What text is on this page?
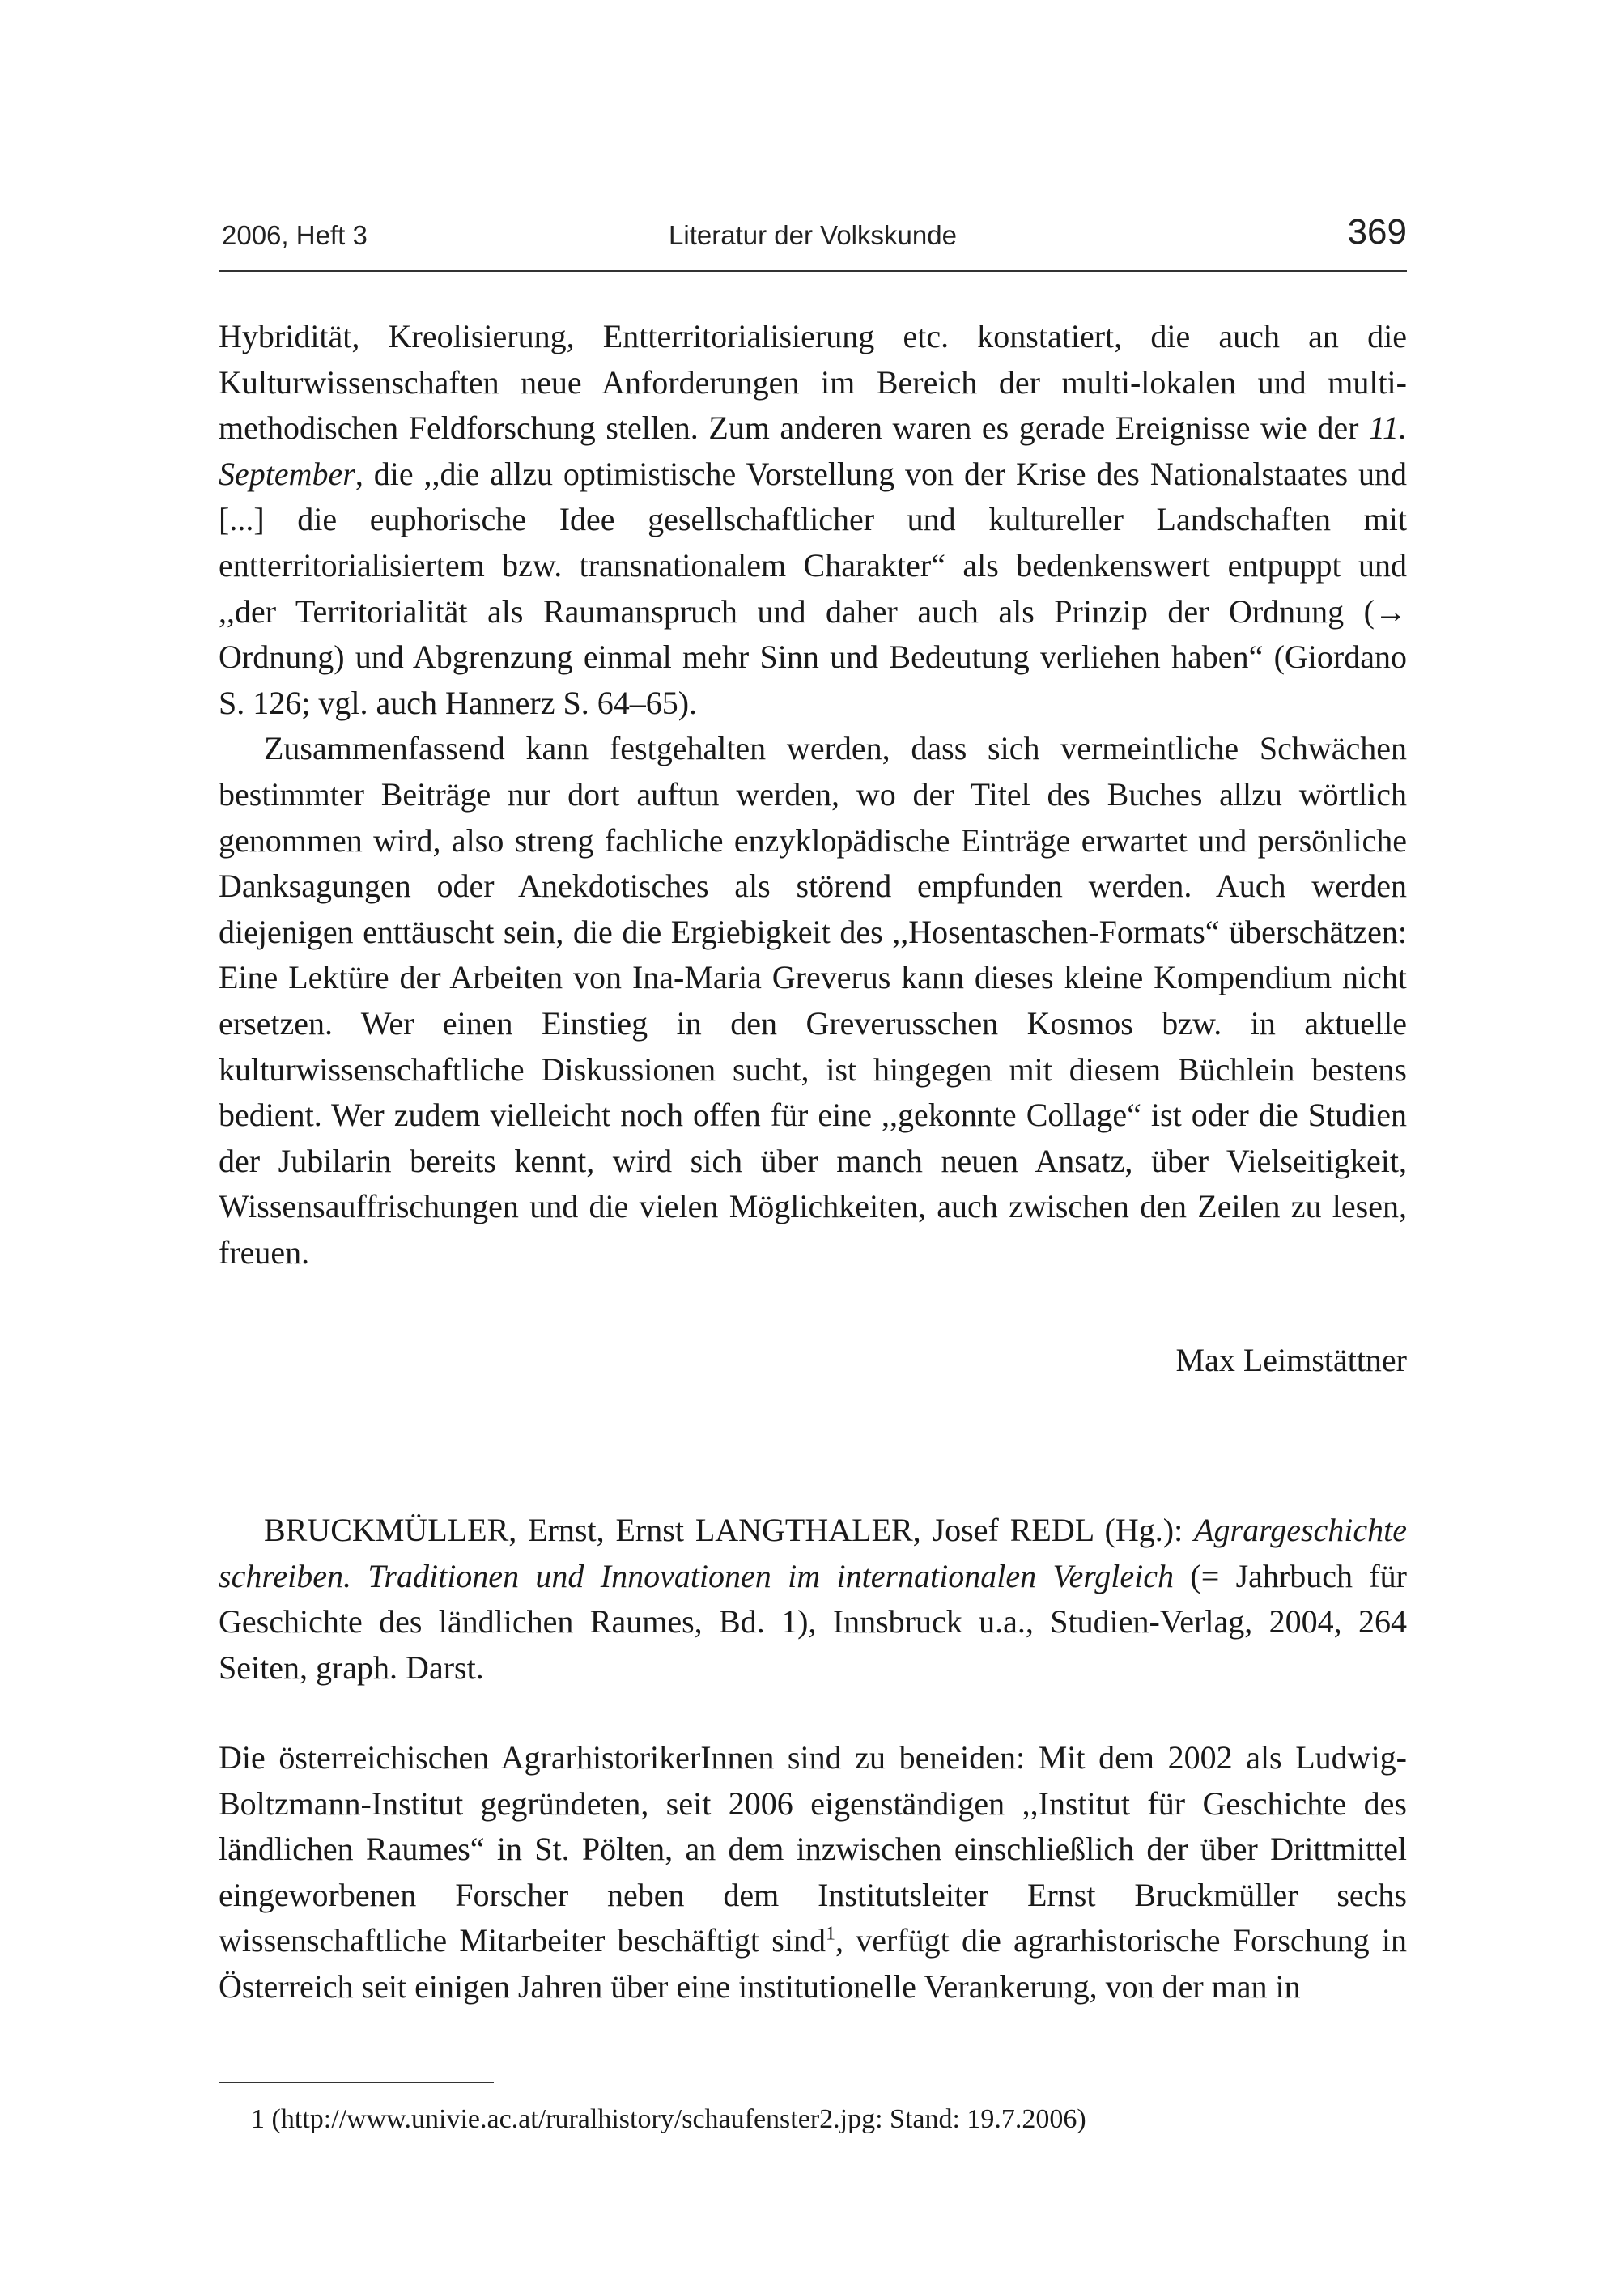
2006, Heft 3	Literatur der Volkskunde	369

Hybridität, Kreolisierung, Entterritorialisierung etc. konstatiert, die auch an die Kulturwissenschaften neue Anforderungen im Bereich der multi-lokalen und multi-methodischen Feldforschung stellen. Zum anderen waren es gerade Ereignisse wie der 11. September, die ,,die allzu optimistische Vorstellung von der Krise des Nationalstaates und [...] die euphorische Idee gesellschaftlicher und kultureller Landschaften mit entterritorialisiertem bzw. transnationalem Charakter“ als bedenkenswert entpuppt und ,,der Territorialität als Raumanspruch und daher auch als Prinzip der Ordnung (→ Ordnung) und Abgrenzung einmal mehr Sinn und Bedeutung verliehen haben“ (Giordano S. 126; vgl. auch Hannerz S. 64–65).

Zusammenfassend kann festgehalten werden, dass sich vermeintliche Schwächen bestimmter Beiträge nur dort auftun werden, wo der Titel des Buches allzu wörtlich genommen wird, also streng fachliche enzyklopädische Einträge erwartet und persönliche Danksagungen oder Anekdotisches als störend empfunden werden. Auch werden diejenigen enttäuscht sein, die die Ergiebigkeit des ,,Hosentaschen-Formats“ überschätzen: Eine Lektüre der Arbeiten von Ina-Maria Greverus kann dieses kleine Kompendium nicht ersetzen. Wer einen Einstieg in den Greverusschen Kosmos bzw. in aktuelle kulturwissenschaftliche Diskussionen sucht, ist hingegen mit diesem Büchlein bestens bedient. Wer zudem vielleicht noch offen für eine ,,gekonnte Collage“ ist oder die Studien der Jubilarin bereits kennt, wird sich über manch neuen Ansatz, über Vielseitigkeit, Wissensauffrischungen und die vielen Möglichkeiten, auch zwischen den Zeilen zu lesen, freuen.

Max Leimstättner

BRUCKMÜLLER, Ernst, Ernst LANGTHALER, Josef REDL (Hg.): Agrargeschichte schreiben. Traditionen und Innovationen im internationalen Vergleich (= Jahrbuch für Geschichte des ländlichen Raumes, Bd. 1), Innsbruck u.a., Studien-Verlag, 2004, 264 Seiten, graph. Darst.

Die österreichischen AgrarhistorikerInnen sind zu beneiden: Mit dem 2002 als Ludwig-Boltzmann-Institut gegründeten, seit 2006 eigenständigen ,,Institut für Geschichte des ländlichen Raumes“ in St. Pölten, an dem inzwischen einschließlich der über Drittmittel eingeworbenen Forscher neben dem Institutsleiter Ernst Bruckmüller sechs wissenschaftliche Mitarbeiter beschäftigt sind$^1$, verfügt die agrarhistorische Forschung in Österreich seit einigen Jahren über eine institutionelle Verankerung, von der man in

1 (http://www.univie.ac.at/ruralhistory/schaufenster2.jpg: Stand: 19.7.2006)
